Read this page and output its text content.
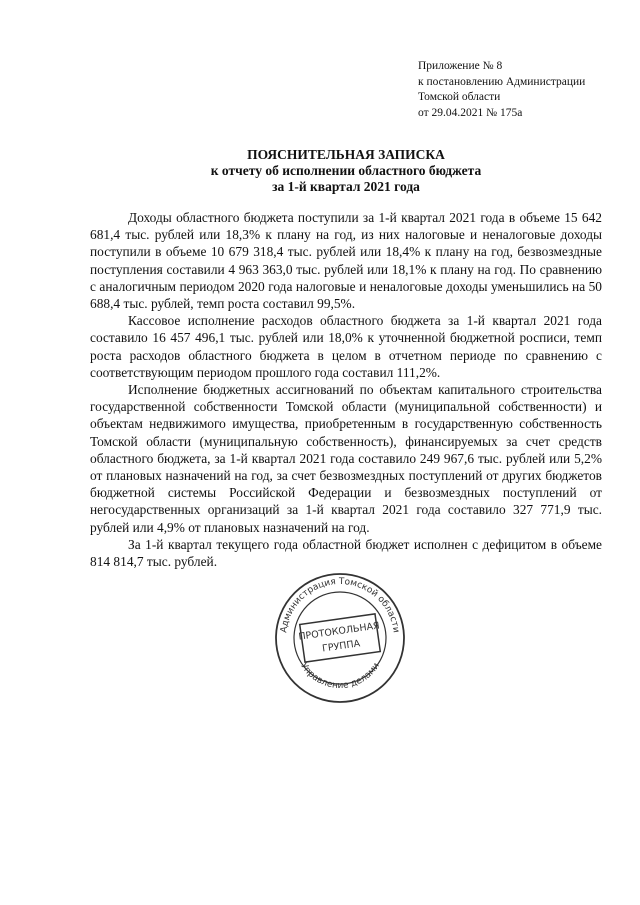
Приложение № 8
к постановлению Администрации
Томской области
от 29.04.2021 № 175а
ПОЯСНИТЕЛЬНАЯ ЗАПИСКА
к отчету об исполнении областного бюджета
за 1-й квартал 2021 года

Доходы областного бюджета поступили за 1-й квартал 2021 года в объеме 15 642 681,4 тыс. рублей или 18,3% к плану на год, из них налоговые и неналоговые доходы поступили в объеме 10 679 318,4 тыс. рублей или 18,4% к плану на год, безвозмездные поступления составили 4 963 363,0 тыс. рублей или 18,1% к плану на год. По сравнению с аналогичным периодом 2020 года налоговые и неналоговые доходы уменьшились на 50 688,4 тыс. рублей, темп роста составил 99,5%.

Кассовое исполнение расходов областного бюджета за 1-й квартал 2021 года составило 16 457 496,1 тыс. рублей или 18,0% к уточненной бюджетной росписи, темп роста расходов областного бюджета в целом в отчетном периоде по сравнению с соответствующим периодом прошлого года составил 111,2%.

Исполнение бюджетных ассигнований по объектам капитального строительства государственной собственности Томской области (муниципальной собственности) и объектам недвижимого имущества, приобретенным в государственную собственность Томской области (муниципальную собственность), финансируемых за счет средств областного бюджета, за 1-й квартал 2021 года составило 249 967,6 тыс. рублей или 5,2% от плановых назначений на год, за счет безвозмездных поступлений от других бюджетов бюджетной системы Российской Федерации и безвозмездных поступлений от негосударственных организаций за 1-й квартал 2021 года составило 327 771,9 тыс. рублей или 4,9% от плановых назначений на год.

За 1-й квартал текущего года областной бюджет исполнен с дефицитом в объеме 814 814,7 тыс. рублей.

Администрация Томской области
Управление делами
ПРОТОКОЛЬНАЯ
ГРУППА
